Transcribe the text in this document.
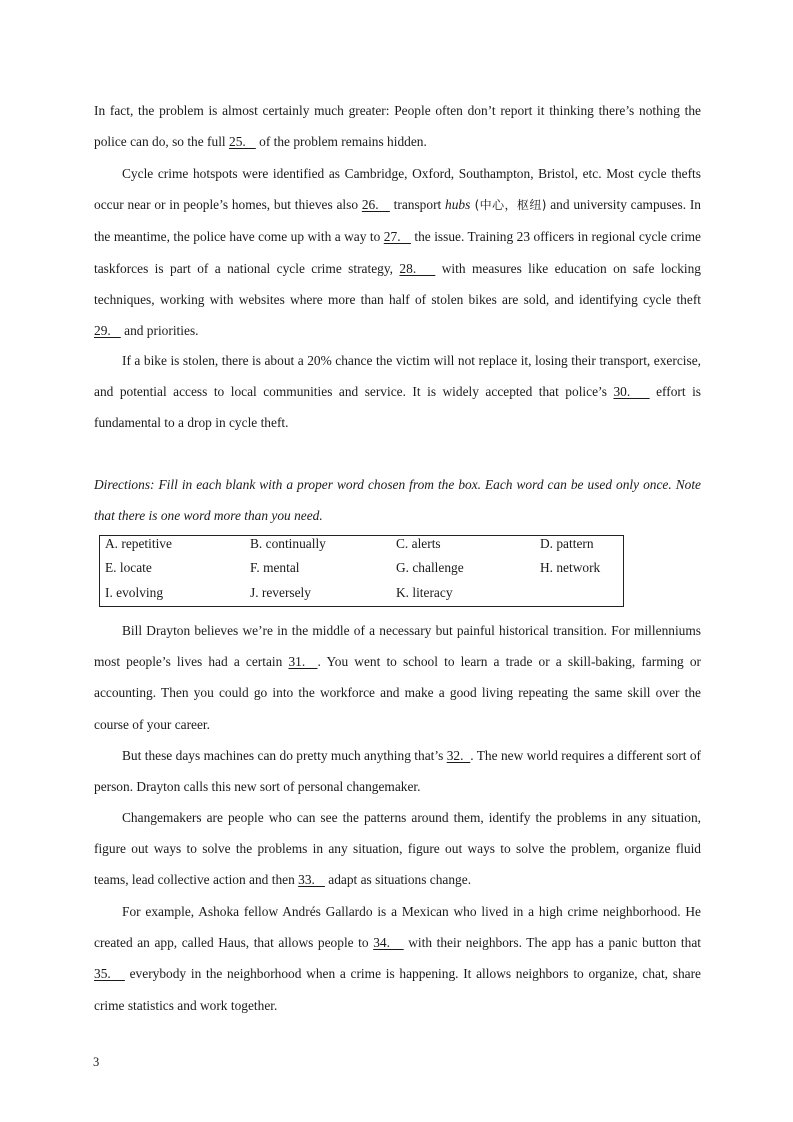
In fact, the problem is almost certainly much greater: People often don’t report it thinking there’s nothing the police can do, so the full 25.    of the problem remains hidden.

Cycle crime hotspots were identified as Cambridge, Oxford, Southampton, Bristol, etc. Most cycle thefts occur near or in people’s homes, but thieves also 26.    transport hubs (中心，枢纽) and university campuses. In the meantime, the police have come up with a way to 27.    the issue. Training 23 officers in regional cycle crime taskforces is part of a national cycle crime strategy, 28.    with measures like education on safe locking techniques, working with websites where more than half of stolen bikes are sold, and identifying cycle theft 29.    and priorities.

If a bike is stolen, there is about a 20% chance the victim will not replace it, losing their transport, exercise, and potential access to local communities and service. It is widely accepted that police’s 30.    effort is fundamental to a drop in cycle theft.

Directions: Fill in each blank with a proper word chosen from the box. Each word can be used only once. Note that there is one word more than you need.

A. repetitive	B. continually	C. alerts	D. pattern
E. locate	F. mental	G. challenge	H. network
I. evolving	J. reversely	K. literacy

Bill Drayton believes we’re in the middle of a necessary but painful historical transition. For millenniums most people’s lives had a certain 31.  . You went to school to learn a trade or a skill-baking, farming or accounting. Then you could go into the workforce and make a good living repeating the same skill over the course of your career.

But these days machines can do pretty much anything that’s 32.  . The new world requires a different sort of person. Drayton calls this new sort of personal changemaker.

Changemakers are people who can see the patterns around them, identify the problems in any situation, figure out ways to solve the problems in any situation, figure out ways to solve the problem, organize fluid teams, lead collective action and then 33.    adapt as situations change.

For example, Ashoka fellow Andrés Gallardo is a Mexican who lived in a high crime neighborhood. He created an app, called Haus, that allows people to 34.    with their neighbors. The app has a panic button that 35.    everybody in the neighborhood when a crime is happening. It allows neighbors to organize, chat, share crime statistics and work together.

3
